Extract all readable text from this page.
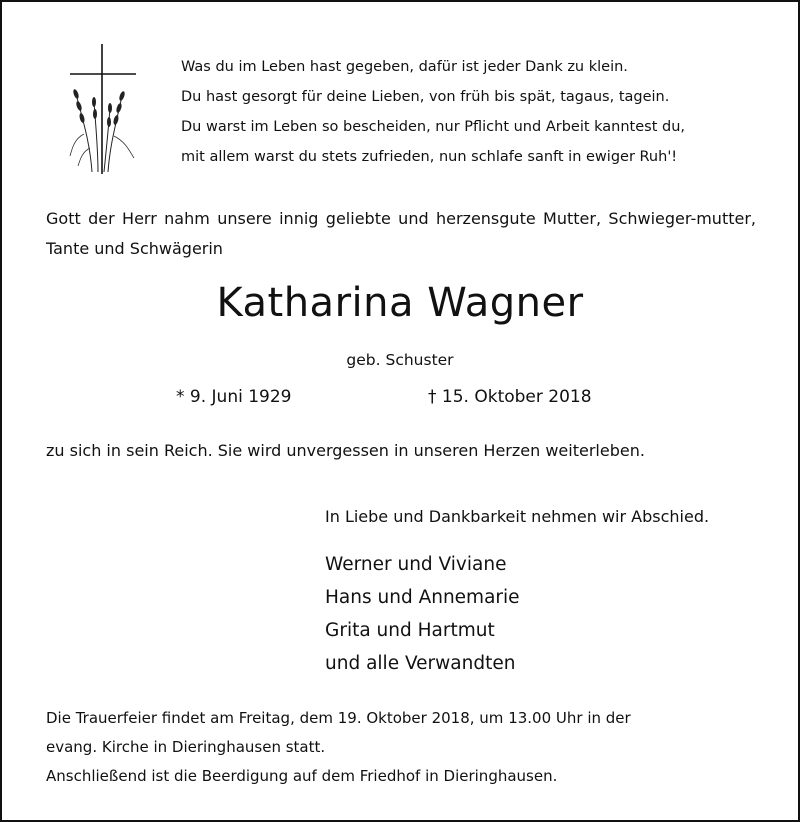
Was du im Leben hast gegeben, dafür ist jeder Dank zu klein.
Du hast gesorgt für deine Lieben, von früh bis spät, tagaus, tagein.
Du warst im Leben so bescheiden, nur Pflicht und Arbeit kanntest du,
mit allem warst du stets zufrieden, nun schlafe sanft in ewiger Ruh'!
Gott der Herr nahm unsere innig geliebte und herzensgute Mutter, Schwieger-mutter, Tante und Schwägerin
Katharina Wagner
geb. Schuster
* 9. Juni 1929	† 15. Oktober 2018
zu sich in sein Reich. Sie wird unvergessen in unseren Herzen weiterleben.
In Liebe und Dankbarkeit nehmen wir Abschied.
Werner und Viviane
Hans und Annemarie
Grita und Hartmut
und alle Verwandten
Die Trauerfeier findet am Freitag, dem 19. Oktober 2018, um 13.00 Uhr in der
evang. Kirche in Dieringhausen statt.
Anschließend ist die Beerdigung auf dem Friedhof in Dieringhausen.
